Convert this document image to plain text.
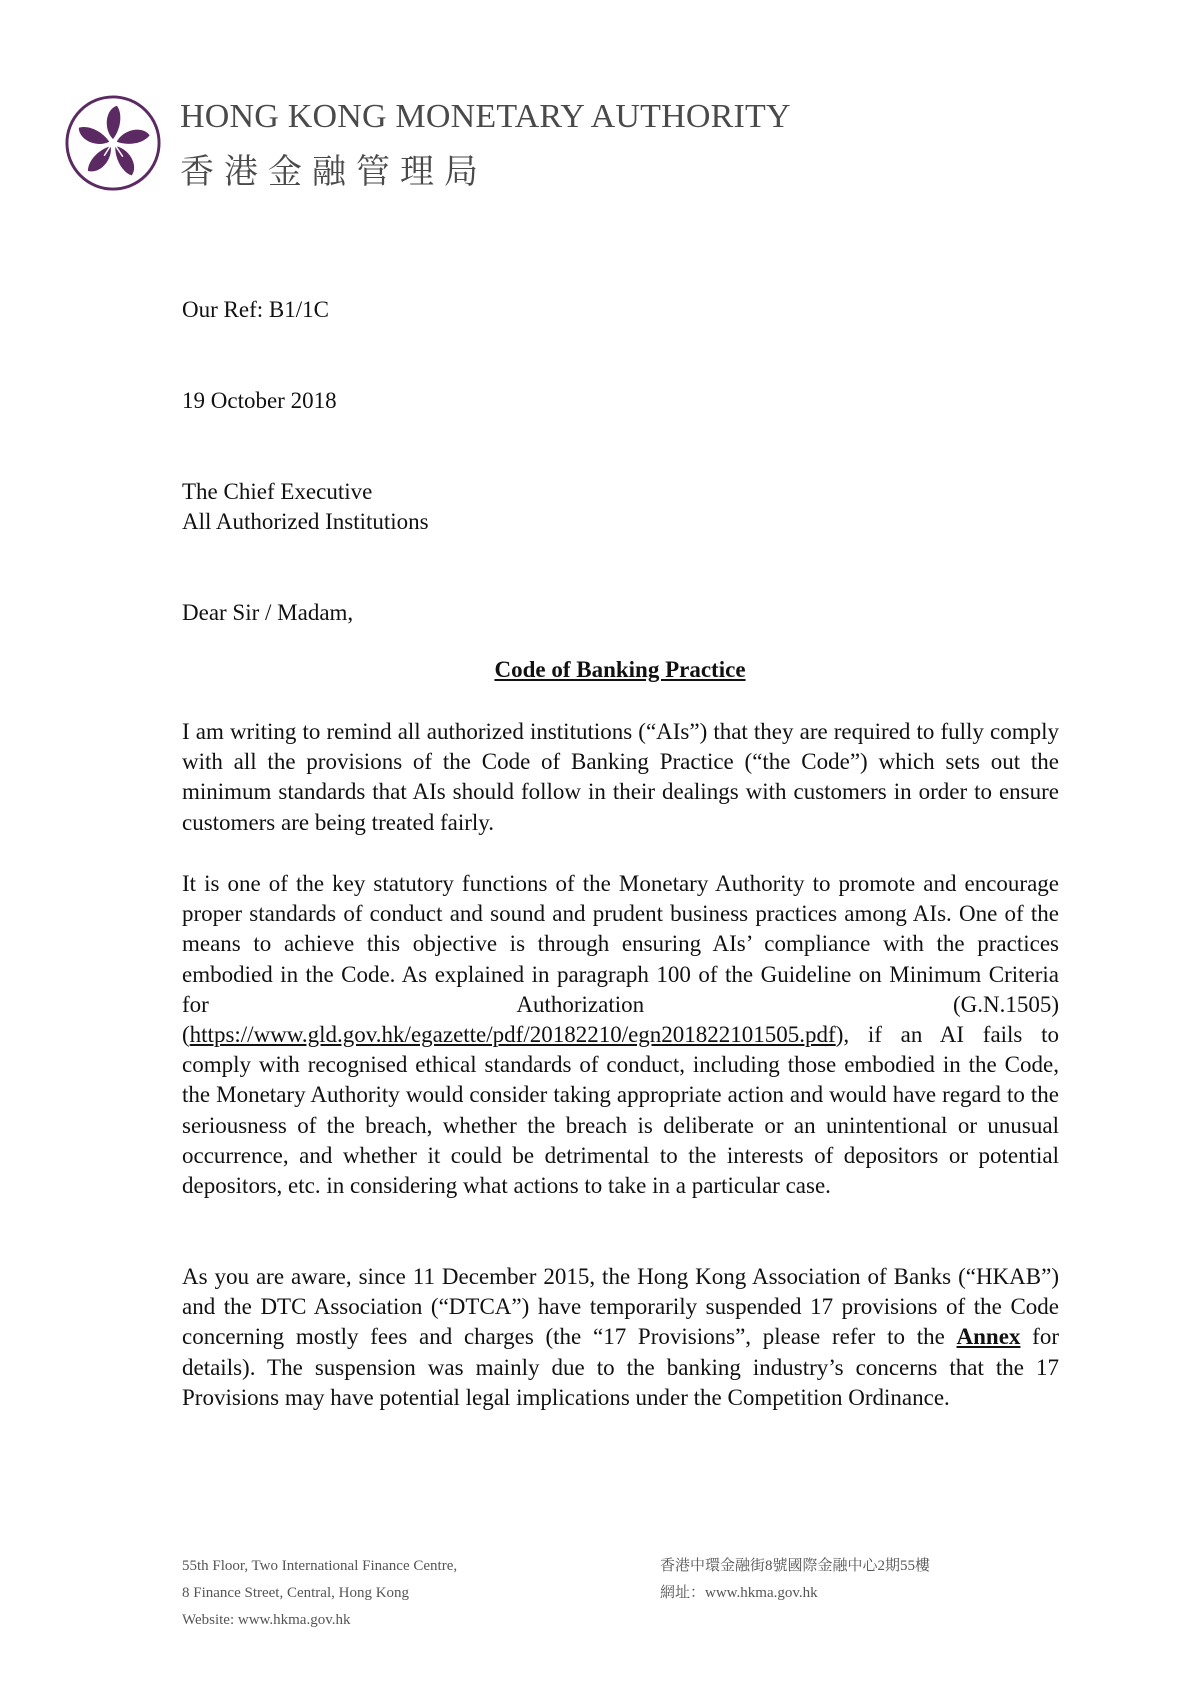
HONG KONG MONETARY AUTHORITY
香港金融管理局
Our Ref: B1/1C
19 October 2018
The Chief Executive
All Authorized Institutions
Dear Sir / Madam,
Code of Banking Practice
I am writing to remind all authorized institutions (“AIs”) that they are required to fully comply with all the provisions of the Code of Banking Practice (“the Code”) which sets out the minimum standards that AIs should follow in their dealings with customers in order to ensure customers are being treated fairly.
It is one of the key statutory functions of the Monetary Authority to promote and encourage proper standards of conduct and sound and prudent business practices among AIs. One of the means to achieve this objective is through ensuring AIs’ compliance with the practices embodied in the Code. As explained in paragraph 100 of the Guideline on Minimum Criteria for Authorization (G.N.1505) (https://www.gld.gov.hk/egazette/pdf/20182210/egn201822101505.pdf), if an AI fails to comply with recognised ethical standards of conduct, including those embodied in the Code, the Monetary Authority would consider taking appropriate action and would have regard to the seriousness of the breach, whether the breach is deliberate or an unintentional or unusual occurrence, and whether it could be detrimental to the interests of depositors or potential depositors, etc. in considering what actions to take in a particular case.
As you are aware, since 11 December 2015, the Hong Kong Association of Banks (“HKAB”) and the DTC Association (“DTCA”) have temporarily suspended 17 provisions of the Code concerning mostly fees and charges (the “17 Provisions”, please refer to the Annex for details). The suspension was mainly due to the banking industry’s concerns that the 17 Provisions may have potential legal implications under the Competition Ordinance.
55th Floor, Two International Finance Centre,
8 Finance Street, Central, Hong Kong
Website: www.hkma.gov.hk
香港中環金融街8號國際金融中心2期55樓
網址：www.hkma.gov.hk
